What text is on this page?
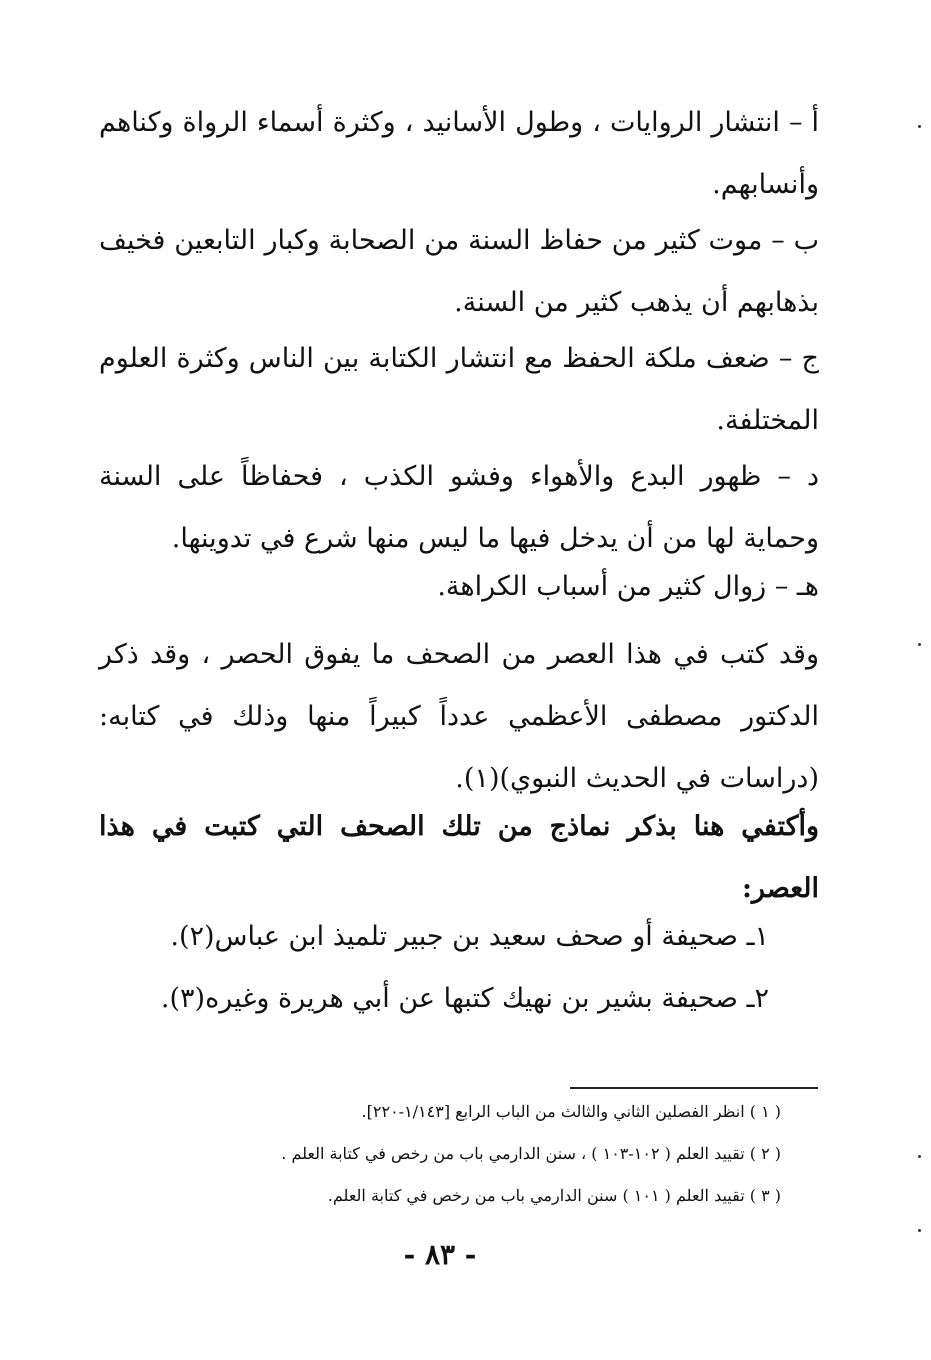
أ – انتشار الروايات ، وطول الأسانيد ، وكثرة أسماء الرواة وكناهم وأنسابهم.
ب – موت كثير من حفاظ السنة من الصحابة وكبار التابعين فخيف بذهابهم أن يذهب كثير من السنة.
ج – ضعف ملكة الحفظ مع انتشار الكتابة بين الناس وكثرة العلوم المختلفة.
د – ظهور البدع والأهواء وفشو الكذب ، فحفاظاً على السنة وحماية لها من أن يدخل فيها ما ليس منها شرع في تدوينها.
هـ – زوال كثير من أسباب الكراهة.
وقد كتب في هذا العصر من الصحف ما يفوق الحصر ، وقد ذكر الدكتور مصطفى الأعظمي عدداً كبيراً منها وذلك في كتابه: (دراسات في الحديث النبوي)(١).
وأكتفي هنا بذكر نماذج من تلك الصحف التي كتبت في هذا العصر:
١ـ صحيفة أو صحف سعيد بن جبير تلميذ ابن عباس(٢).
٢ـ صحيفة بشير بن نهيك كتبها عن أبي هريرة وغيره(٣).
( ١ ) انظر الفصلين الثاني والثالث من الباب الرابع [١/١٤٣-٢٢٠].
( ٢ ) تقييد العلم ( ١٠٢-١٠٣ ) ، سنن الدارمي باب من رخص في كتابة العلم .
( ٣ ) تقييد العلم ( ١٠١ ) سنن الدارمي باب من رخص في كتابة العلم.
- ٨٣ -
